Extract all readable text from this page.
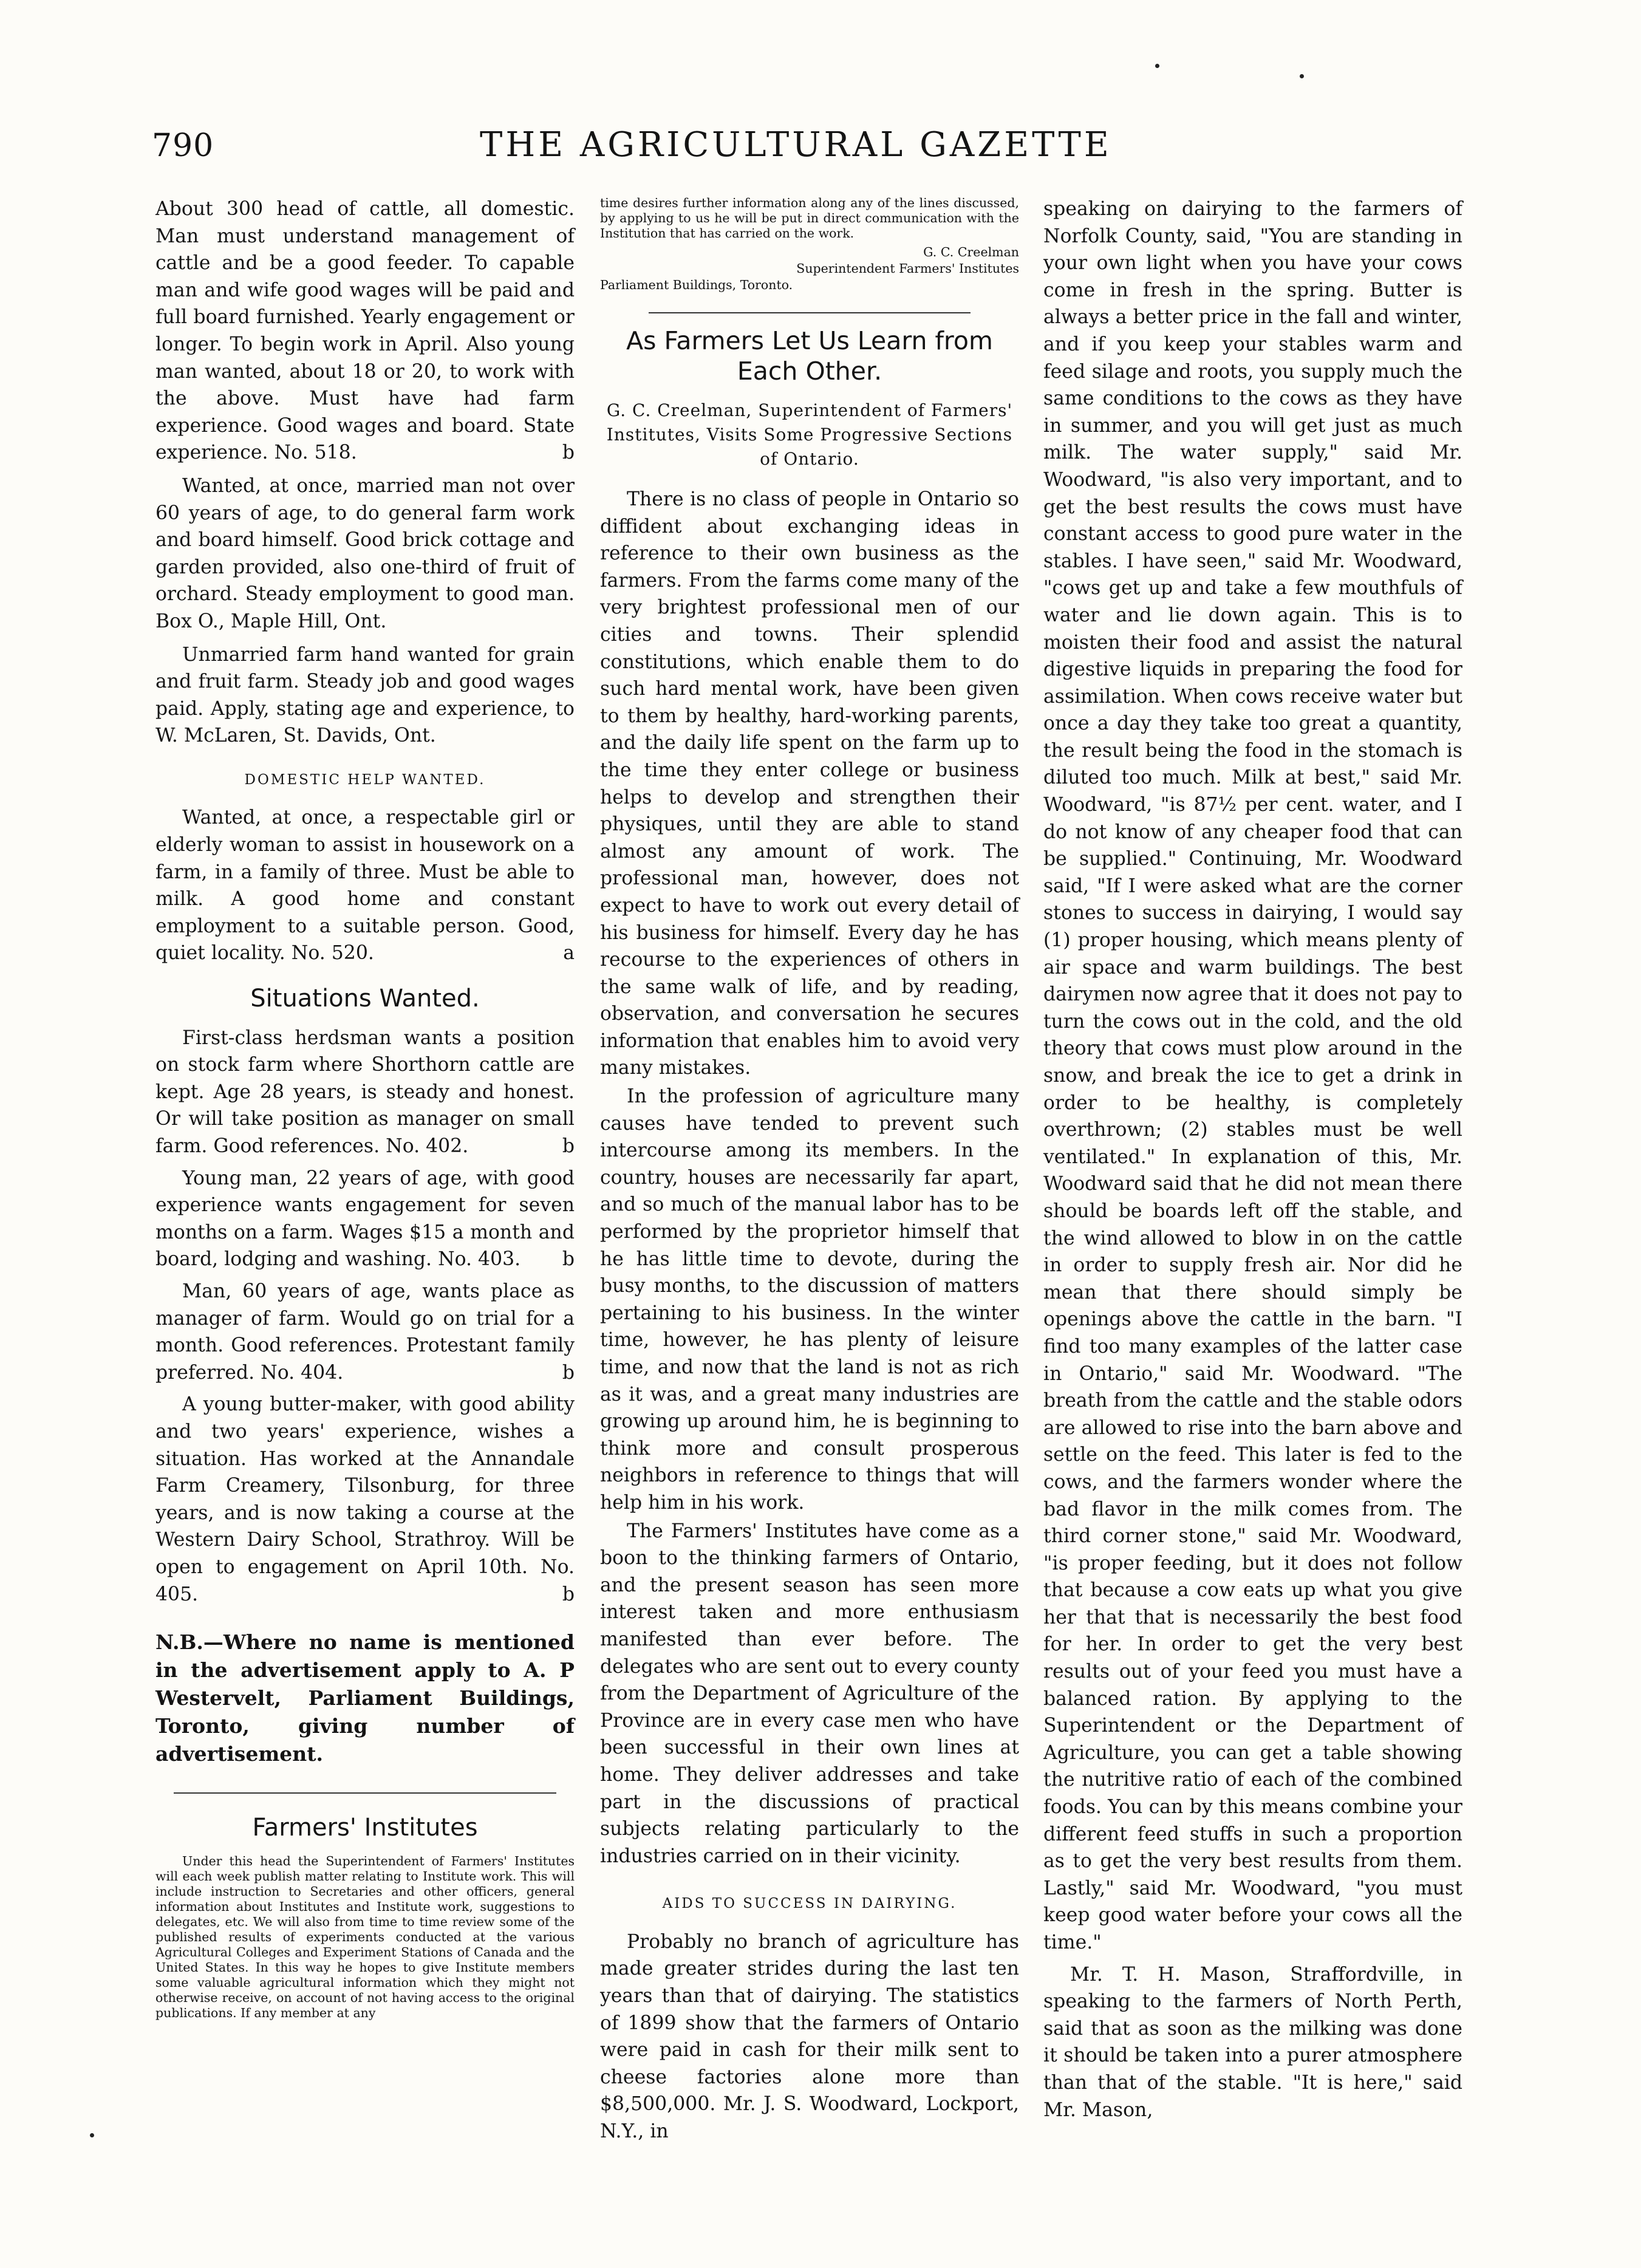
790	THE AGRICULTURAL GAZETTE

About 300 head of cattle, all domestic. Man must understand management of cattle and be a good feeder. To capable man and wife good wages will be paid and full board furnished. Yearly engagement or longer. To begin work in April. Also young man wanted, about 18 or 20, to work with the above. Must have had farm experience. Good wages and board. State experience. No. 518.	b

Wanted, at once, married man not over 60 years of age, to do general farm work and board himself. Good brick cottage and garden provided, also one-third of fruit of orchard. Steady employment to good man. Box O., Maple Hill, Ont.

Unmarried farm hand wanted for grain and fruit farm. Steady job and good wages paid. Apply, stating age and experience, to W. McLaren, St. Davids, Ont.

DOMESTIC HELP WANTED.

Wanted, at once, a respectable girl or elderly woman to assist in housework on a farm, in a family of three. Must be able to milk. A good home and constant employment to a suitable person. Good, quiet locality. No. 520.	a

Situations Wanted.

First-class herdsman wants a position on stock farm where Shorthorn cattle are kept. Age 28 years, is steady and honest. Or will take position as manager on small farm. Good references. No. 402.	b

Young man, 22 years of age, with good experience wants engagement for seven months on a farm. Wages $15 a month and board, lodging and washing. No. 403.	b

Man, 60 years of age, wants place as manager of farm. Would go on trial for a month. Good references. Protestant family preferred. No. 404.	b

A young butter-maker, with good ability and two years' experience, wishes a situation. Has worked at the Annandale Farm Creamery, Tilsonburg, for three years, and is now taking a course at the Western Dairy School, Strathroy. Will be open to engagement on April 10th. No. 405.	b

N.B.—Where no name is mentioned in the advertisement apply to A. P Westervelt, Parliament Buildings, Toronto, giving number of advertisement.
Farmers' Institutes

Under this head the Superintendent of Farmers' Institutes will each week publish matter relating to Institute work. This will include instruction to Secretaries and other officers, general information about Institutes and Institute work, suggestions to delegates, etc. We will also from time to time review some of the published results of experiments conducted at the various Agricultural Colleges and Experiment Stations of Canada and the United States. In this way he hopes to give Institute members some valuable agricultural information which they might not otherwise receive, on account of not having access to the original publications. If any member at any

time desires further information along any of the lines discussed, by applying to us he will be put in direct communication with the Institution that has carried on the work.

G. C. Creelman

Superintendent Farmers' Institutes

Parliament Buildings, Toronto.

As Farmers Let Us Learn from Each Other.
G. C. Creelman, Superintendent of Farmers' Institutes, Visits Some Progressive Sections of Ontario.

There is no class of people in Ontario so diffident about exchanging ideas in reference to their own business as the farmers. From the farms come many of the very brightest professional men of our cities and towns. Their splendid constitutions, which enable them to do such hard mental work, have been given to them by healthy, hard-working parents, and the daily life spent on the farm up to the time they enter college or business helps to develop and strengthen their physiques, until they are able to stand almost any amount of work. The professional man, however, does not expect to have to work out every detail of his business for himself. Every day he has recourse to the experiences of others in the same walk of life, and by reading, observation, and conversation he secures information that enables him to avoid very many mistakes.

In the profession of agriculture many causes have tended to prevent such intercourse among its members. In the country, houses are necessarily far apart, and so much of the manual labor has to be performed by the proprietor himself that he has little time to devote, during the busy months, to the discussion of matters pertaining to his business. In the winter time, however, he has plenty of leisure time, and now that the land is not as rich as it was, and a great many industries are growing up around him, he is beginning to think more and consult prosperous neighbors in reference to things that will help him in his work.

The Farmers' Institutes have come as a boon to the thinking farmers of Ontario, and the present season has seen more interest taken and more enthusiasm manifested than ever before. The delegates who are sent out to every county from the Department of Agriculture of the Province are in every case men who have been successful in their own lines at home. They deliver addresses and take part in the discussions of practical subjects relating particularly to the industries carried on in their vicinity.

AIDS TO SUCCESS IN DAIRYING.

Probably no branch of agriculture has made greater strides during the last ten years than that of dairying. The statistics of 1899 show that the farmers of Ontario were paid in cash for their milk sent to cheese factories alone more than $8,500,000. Mr. J. S. Woodward, Lockport, N.Y., in

speaking on dairying to the farmers of Norfolk County, said, "You are standing in your own light when you have your cows come in fresh in the spring. Butter is always a better price in the fall and winter, and if you keep your stables warm and feed silage and roots, you supply much the same conditions to the cows as they have in summer, and you will get just as much milk. The water supply," said Mr. Woodward, "is also very important, and to get the best results the cows must have constant access to good pure water in the stables. I have seen," said Mr. Woodward, "cows get up and take a few mouthfuls of water and lie down again. This is to moisten their food and assist the natural digestive liquids in preparing the food for assimilation. When cows receive water but once a day they take too great a quantity, the result being the food in the stomach is diluted too much. Milk at best," said Mr. Woodward, "is 87½ per cent. water, and I do not know of any cheaper food that can be supplied." Continuing, Mr. Woodward said, "If I were asked what are the corner stones to success in dairying, I would say (1) proper housing, which means plenty of air space and warm buildings. The best dairymen now agree that it does not pay to turn the cows out in the cold, and the old theory that cows must plow around in the snow, and break the ice to get a drink in order to be healthy, is completely overthrown; (2) stables must be well ventilated." In explanation of this, Mr. Woodward said that he did not mean there should be boards left off the stable, and the wind allowed to blow in on the cattle in order to supply fresh air. Nor did he mean that there should simply be openings above the cattle in the barn. "I find too many examples of the latter case in Ontario," said Mr. Woodward. "The breath from the cattle and the stable odors are allowed to rise into the barn above and settle on the feed. This later is fed to the cows, and the farmers wonder where the bad flavor in the milk comes from. The third corner stone," said Mr. Woodward, "is proper feeding, but it does not follow that because a cow eats up what you give her that that is necessarily the best food for her. In order to get the very best results out of your feed you must have a balanced ration. By applying to the Superintendent or the Department of Agriculture, you can get a table showing the nutritive ratio of each of the combined foods. You can by this means combine your different feed stuffs in such a proportion as to get the very best results from them. Lastly," said Mr. Woodward, "you must keep good water before your cows all the time."

Mr. T. H. Mason, Straffordville, in speaking to the farmers of North Perth, said that as soon as the milking was done it should be taken into a purer atmosphere than that of the stable. "It is here," said Mr. Mason,
